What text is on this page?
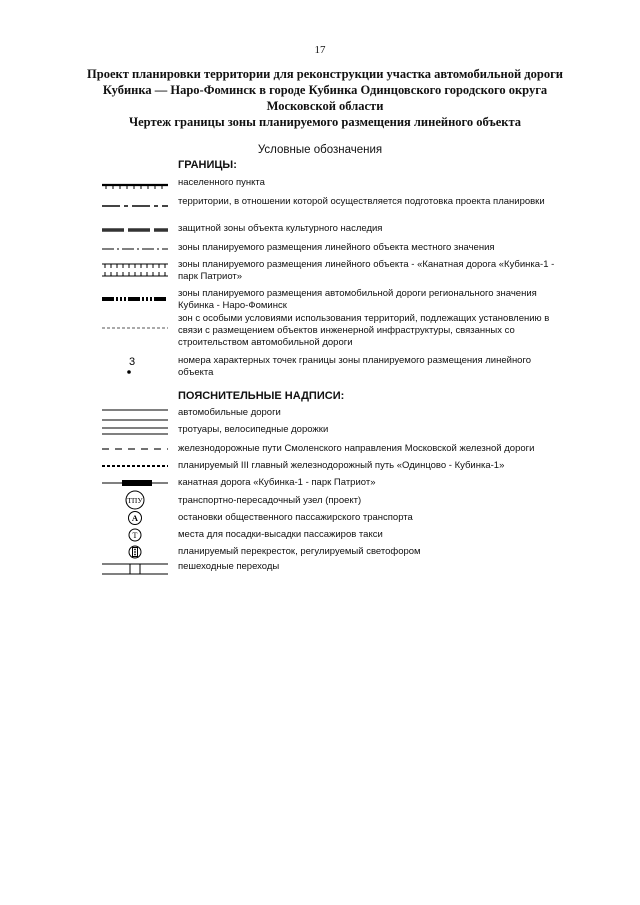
17
Проект планировки территории для реконструкции участка автомобильной дороги
Кубинка — Наро-Фоминск в городе Кубинка Одинцовского городского округа
Московской области
Чертеж границы зоны планируемого размещения линейного объекта
Условные обозначения
ГРАНИЦЫ:
населенного пункта
территории, в отношении которой осуществляется подготовка проекта планировки
защитной зоны объекта культурного наследия
зоны планируемого размещения линейного объекта местного значения
зоны планируемого размещения линейного объекта - «Канатная дорога «Кубинка-1 - парк Патриот»
зоны планируемого размещения автомобильной дороги регионального значения Кубинка - Наро-Фоминск
зон с особыми условиями использования территорий, подлежащих установлению в связи с размещением объектов инженерной инфраструктуры, связанных со строительством автомобильной дороги
3	номера характерных точек границы зоны планируемого размещения линейного объекта
ПОЯСНИТЕЛЬНЫЕ НАДПИСИ:
автомобильные дороги
тротуары, велосипедные дорожки
железнодорожные пути Смоленского направления Московской железной дороги
планируемый III главный железнодорожный путь «Одинцово - Кубинка-1»
канатная дорога «Кубинка-1 - парк Патриот»
ТПУ	транспортно-пересадочный узел (проект)
А	остановки общественного пассажирского транспорта
Т	места для посадки-высадки пассажиров такси
планируемый перекресток, регулируемый светофором
пешеходные переходы
